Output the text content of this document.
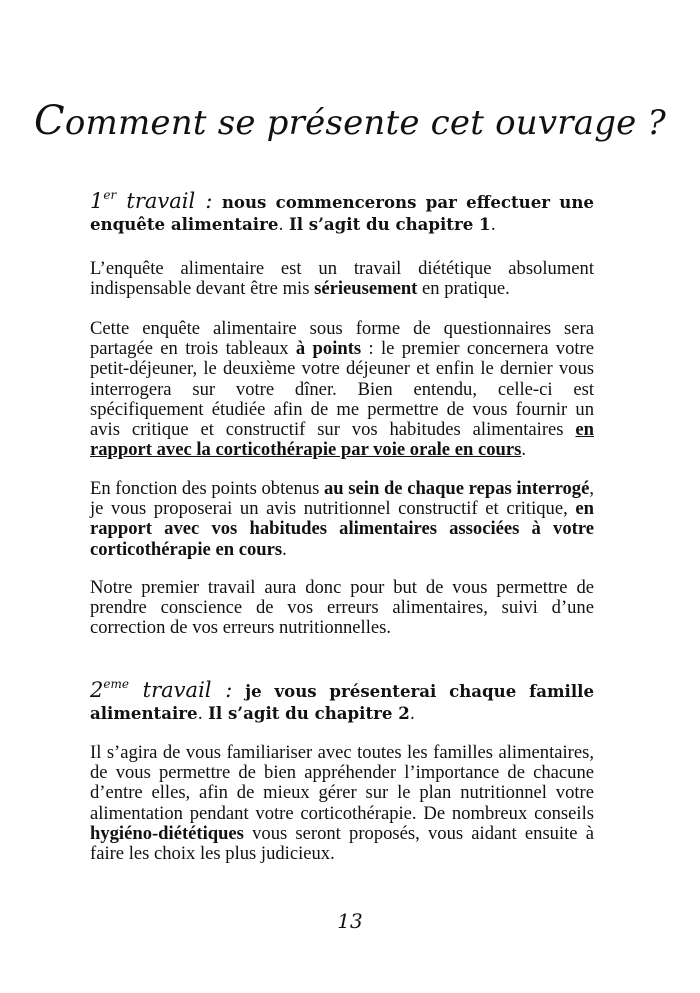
Comment se présente cet ouvrage ?
1er travail : nous commencerons par effectuer une enquête alimentaire. Il s’agit du chapitre 1.
L’enquête alimentaire est un travail diététique absolument indispensable devant être mis sérieusement en pratique.
Cette enquête alimentaire sous forme de questionnaires sera partagée en trois tableaux à points : le premier concernera votre petit-déjeuner, le deuxième votre déjeuner et enfin le dernier vous interrogera sur votre dîner. Bien entendu, celle-ci est spécifiquement étudiée afin de me permettre de vous fournir un avis critique et constructif sur vos habitudes alimentaires en rapport avec la corticothérapie par voie orale en cours.
En fonction des points obtenus au sein de chaque repas interrogé, je vous proposerai un avis nutritionnel constructif et critique, en rapport avec vos habitudes alimentaires associées à votre corticothérapie en cours.
Notre premier travail aura donc pour but de vous permettre de prendre conscience de vos erreurs alimentaires, suivi d’une correction de vos erreurs nutritionnelles.
2eme travail : je vous présenterai chaque famille alimentaire. Il s’agit du chapitre 2.
Il s’agira de vous familiariser avec toutes les familles alimentaires, de vous permettre de bien appréhender l’importance de chacune d’entre elles, afin de mieux gérer sur le plan nutritionnel votre alimentation pendant votre corticothérapie. De nombreux conseils hygiéno-diététiques vous seront proposés, vous aidant ensuite à faire les choix les plus judicieux.
13
